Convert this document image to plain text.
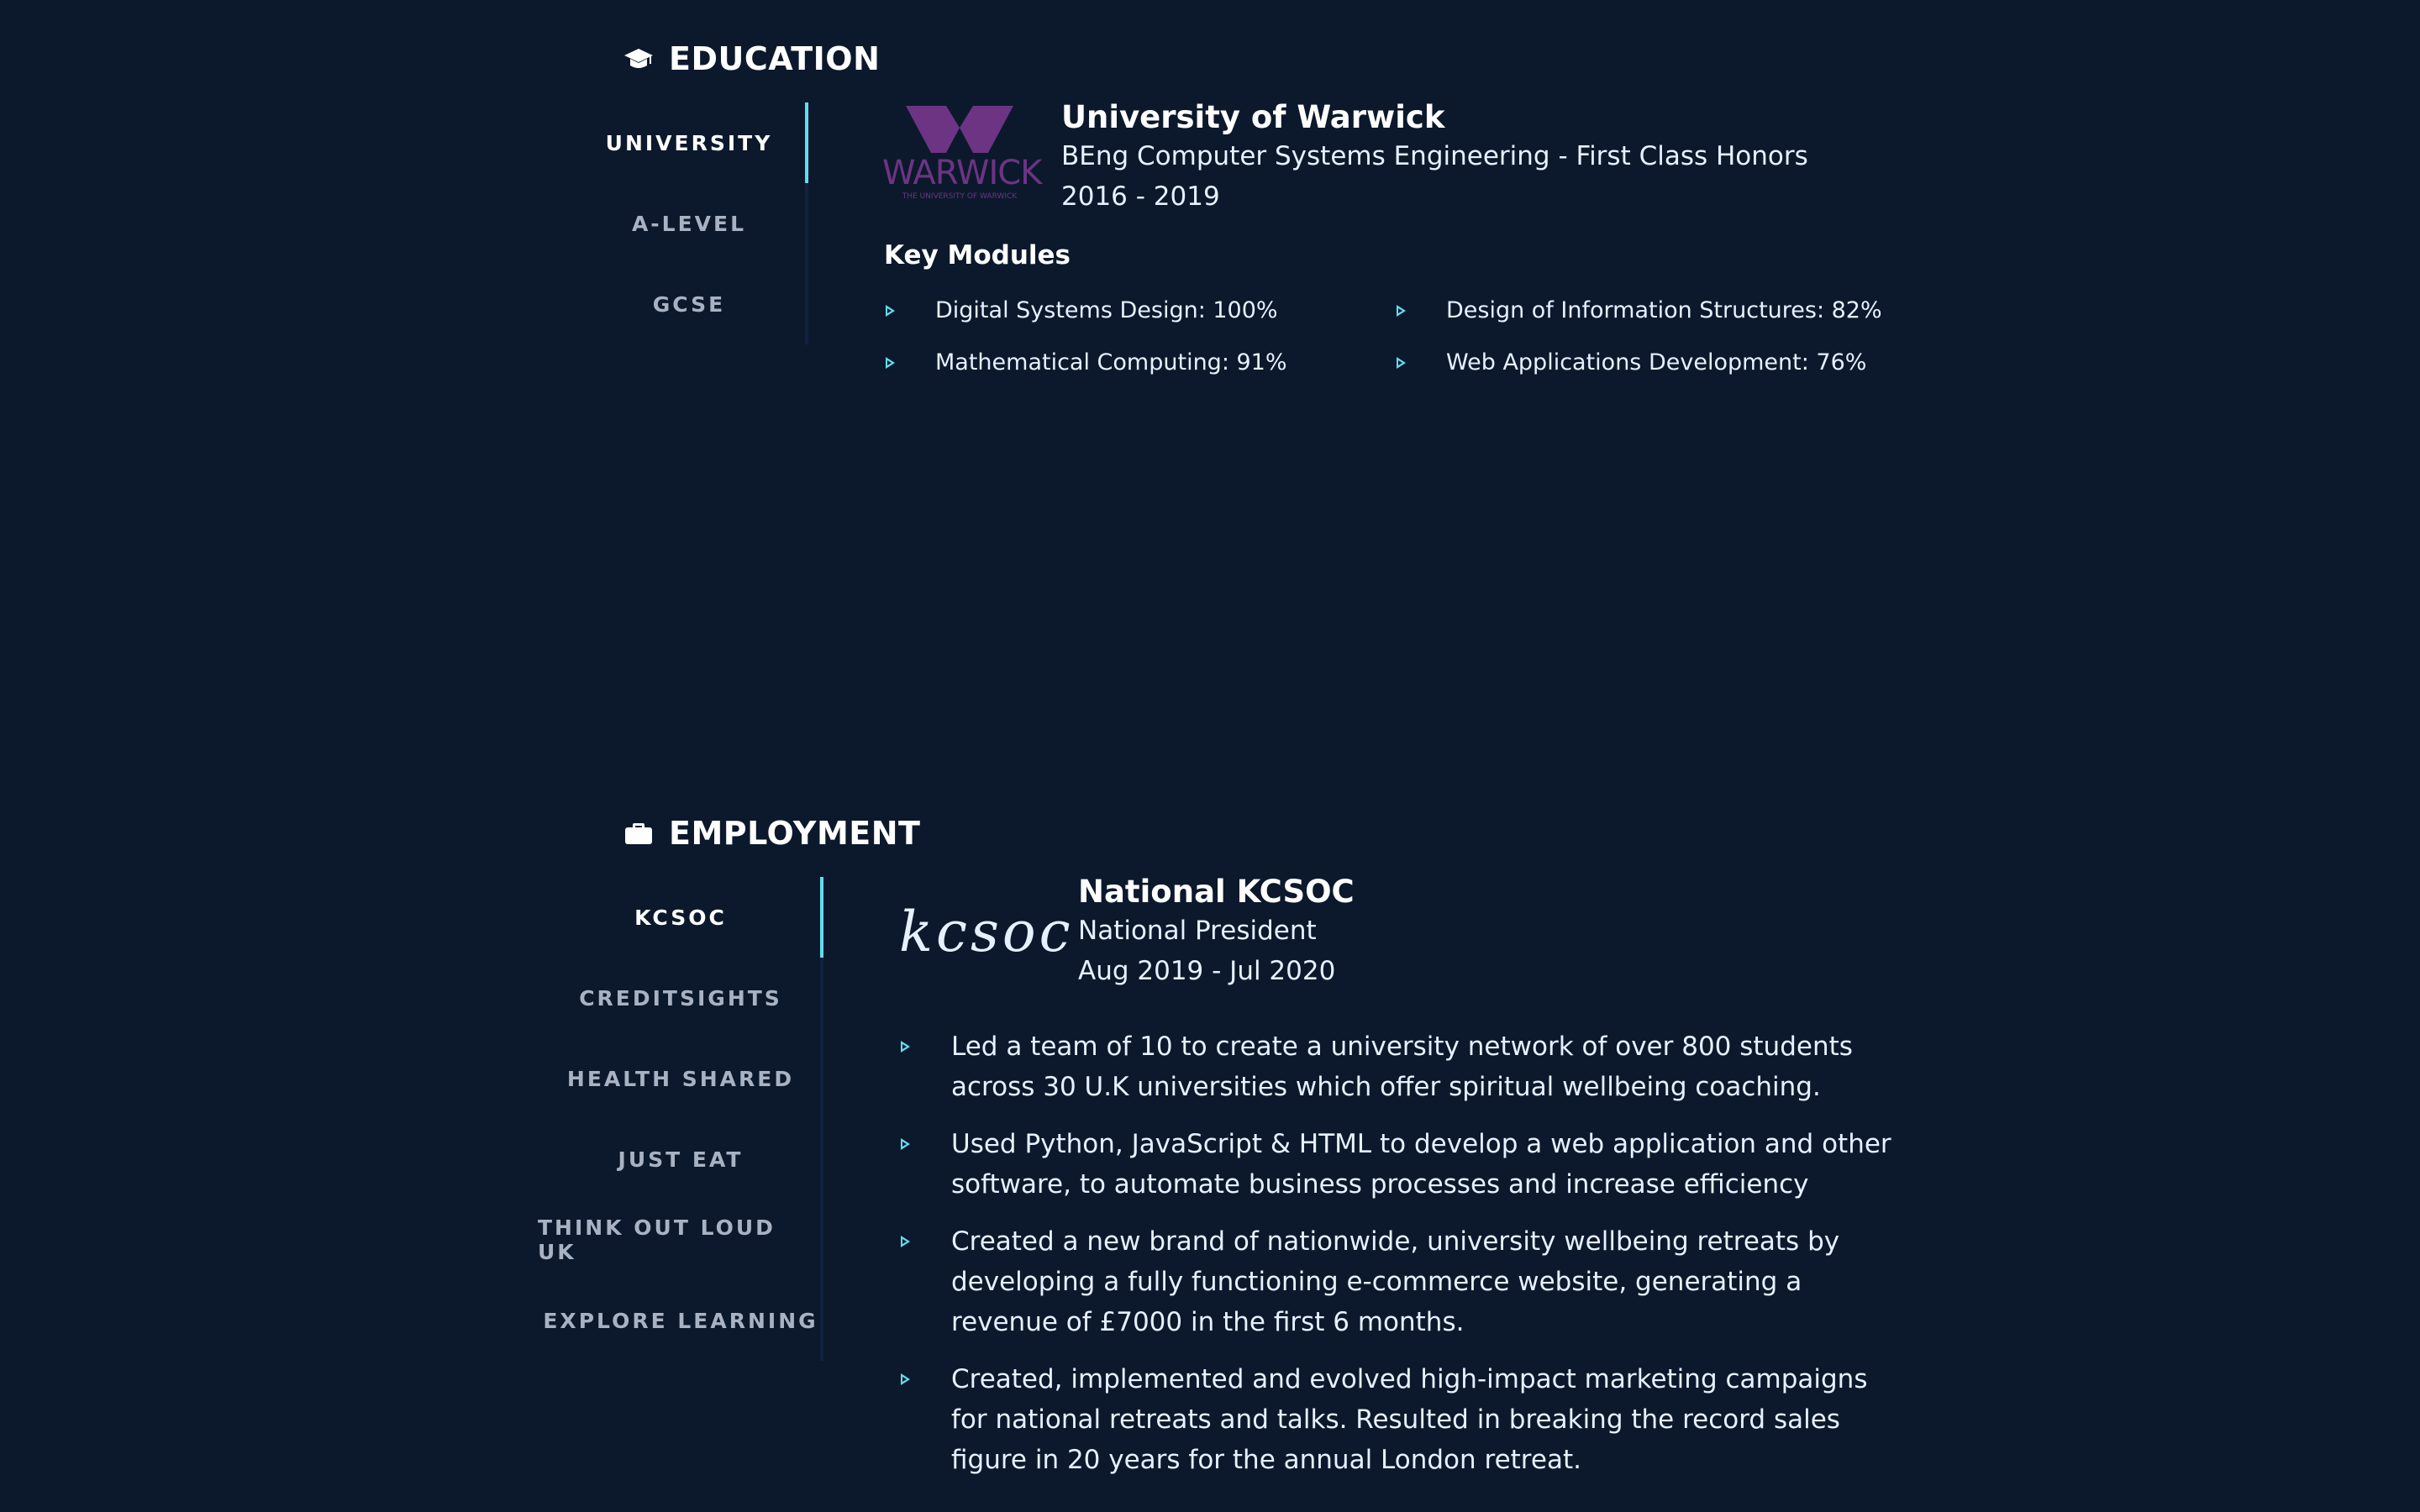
EDUCATION
UNIVERSITY
A-LEVEL
GCSE
WARWICK
THE UNIVERSITY OF WARWICK
University of Warwick
BEng Computer Systems Engineering - First Class Honors
2016 - 2019
Key Modules
Digital Systems Design: 100%	Design of Information Structures: 82%
Mathematical Computing: 91%	Web Applications Development: 76%
EMPLOYMENT
KCSOC
CREDITSIGHTS
HEALTH SHARED
JUST EAT
THINK OUT LOUD UK
EXPLORE LEARNING
kcsoc
National KCSOC
National President
Aug 2019 - Jul 2020
Led a team of 10 to create a university network of over 800 students across 30 U.K universities which offer spiritual wellbeing coaching.
Used Python, JavaScript & HTML to develop a web application and other software, to automate business processes and increase efficiency
Created a new brand of nationwide, university wellbeing retreats by developing a fully functioning e-commerce website, generating a revenue of £7000 in the first 6 months.
Created, implemented and evolved high-impact marketing campaigns for national retreats and talks. Resulted in breaking the record sales figure in 20 years for the annual London retreat.
